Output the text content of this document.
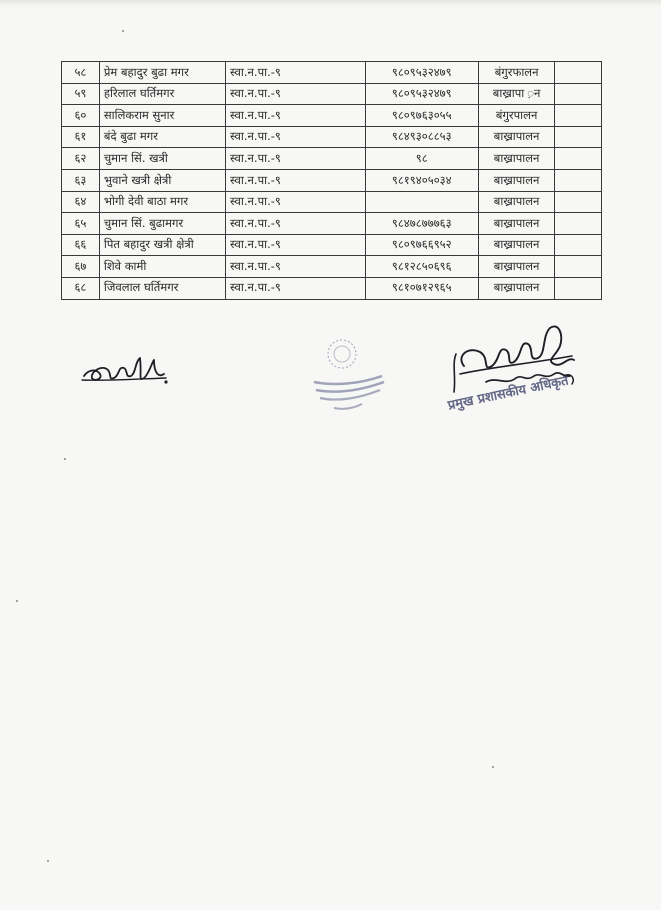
५८	प्रेम बहादुर बुढा मगर	स्वा.न.पा.-९	९८०९५३२४७९	बंगुरफालन	
५९	हरिलाल घर्तिमगर	स्वा.न.पा.-९	९८०९५३२४७९	बाख्रापा ़न	
६०	सालिकराम सुनार	स्वा.न.पा.-९	९८०९७६३०५५	बंगुरपालन	
६१	बंदे बुढा मगर	स्वा.न.पा.-९	९८४९३०८८५३	बाख्रापालन	
६२	चुमान सिं. खत्री	स्वा.न.पा.-९	९८	बाख्रापालन	
६३	भुवाने खत्री क्षेत्री	स्वा.न.पा.-९	९८१९४०५०३४	बाख्रापालन	
६४	भोगी देवी बाठा मगर	स्वा.न.पा.-९		बाख्रापालन	
६५	चुमान सिं. बुढामगर	स्वा.न.पा.-९	९८४७८७७७६३	बाख्रापालन	
६६	पित बहादुर खत्री क्षेत्री	स्वा.न.पा.-९	९८०९७६६९५२	बाख्रापालन	
६७	शिवे कामी	स्वा.न.पा.-९	९८१२८५०६९६	बाख्रापालन	
६८	जिवलाल घर्तिमगर	स्वा.न.पा.-९	९८१०७१२९६५	बाख्रापालन	
प्रमुख प्रशासकीय अधिकृत
